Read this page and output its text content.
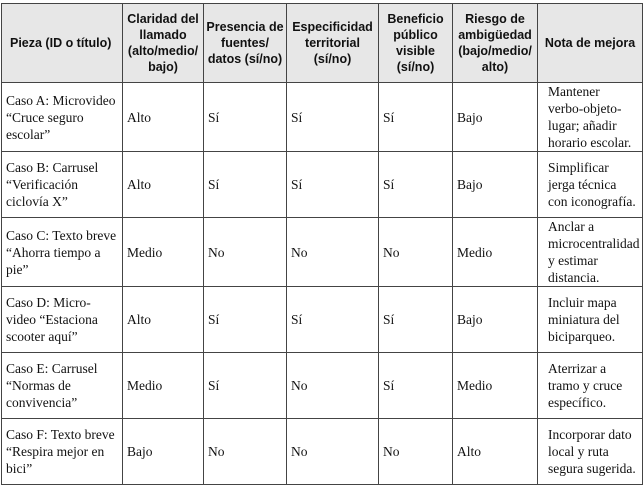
Pieza (ID o título)	Claridad del llamado (alto/medio/ bajo)	Presencia de fuentes/ datos (sí/no)	Especificidad territorial (sí/no)	Beneficio público visible (sí/no)	Riesgo de ambigüedad (bajo/medio/ alto)	Nota de mejora
Caso A: Microvideo “Cruce seguro escolar”	Alto	Sí	Sí	Sí	Bajo	Mantener verbo-objeto-lugar; añadir horario escolar.
Caso B: Carrusel “Verificación ciclovía X”	Alto	Sí	Sí	Sí	Bajo	Simplificar jerga técnica con iconografía.
Caso C: Texto breve “Ahorra tiempo a pie”	Medio	No	No	No	Medio	Anclar a microcentralidad y estimar distancia.
Caso D: Micro-video “Estaciona scooter aquí”	Alto	Sí	Sí	Sí	Bajo	Incluir mapa miniatura del biciparqueo.
Caso E: Carrusel “Normas de convivencia”	Medio	Sí	No	Sí	Medio	Aterrizar a tramo y cruce específico.
Caso F: Texto breve “Respira mejor en bici”	Bajo	No	No	No	Alto	Incorporar dato local y ruta segura sugerida.
